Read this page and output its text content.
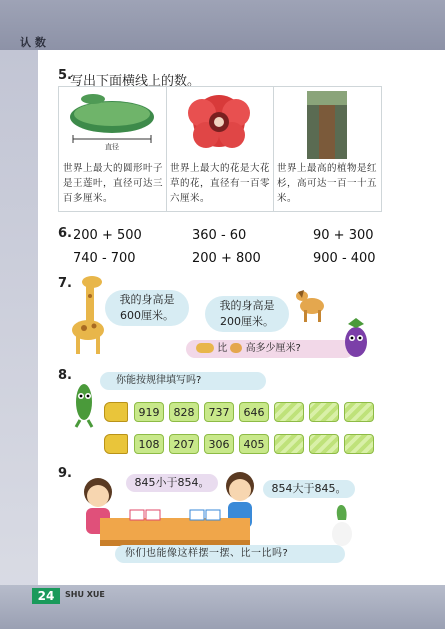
认 数
5.
写出下面横线上的数。
直径
世界上最大的圆形叶子是王莲叶，直径可达三百多厘米。
世界上最大的花是大花草的花，直径有一百零六厘米。
世界上最高的植物是红杉，高可达一百一十五米。
6. 200 + 500	360 - 60	90 + 300
740 - 700	200 + 800	900 - 400
7.
我的身高是
600厘米。
我的身高是
200厘米。
比 高多少厘米?
8.	你能按规律填写吗?
919	828	737	646
108	207	306	405
9.
845小于854。	854大于845。
你们也能像这样摆一摆、比一比吗?
24	SHU XUE
